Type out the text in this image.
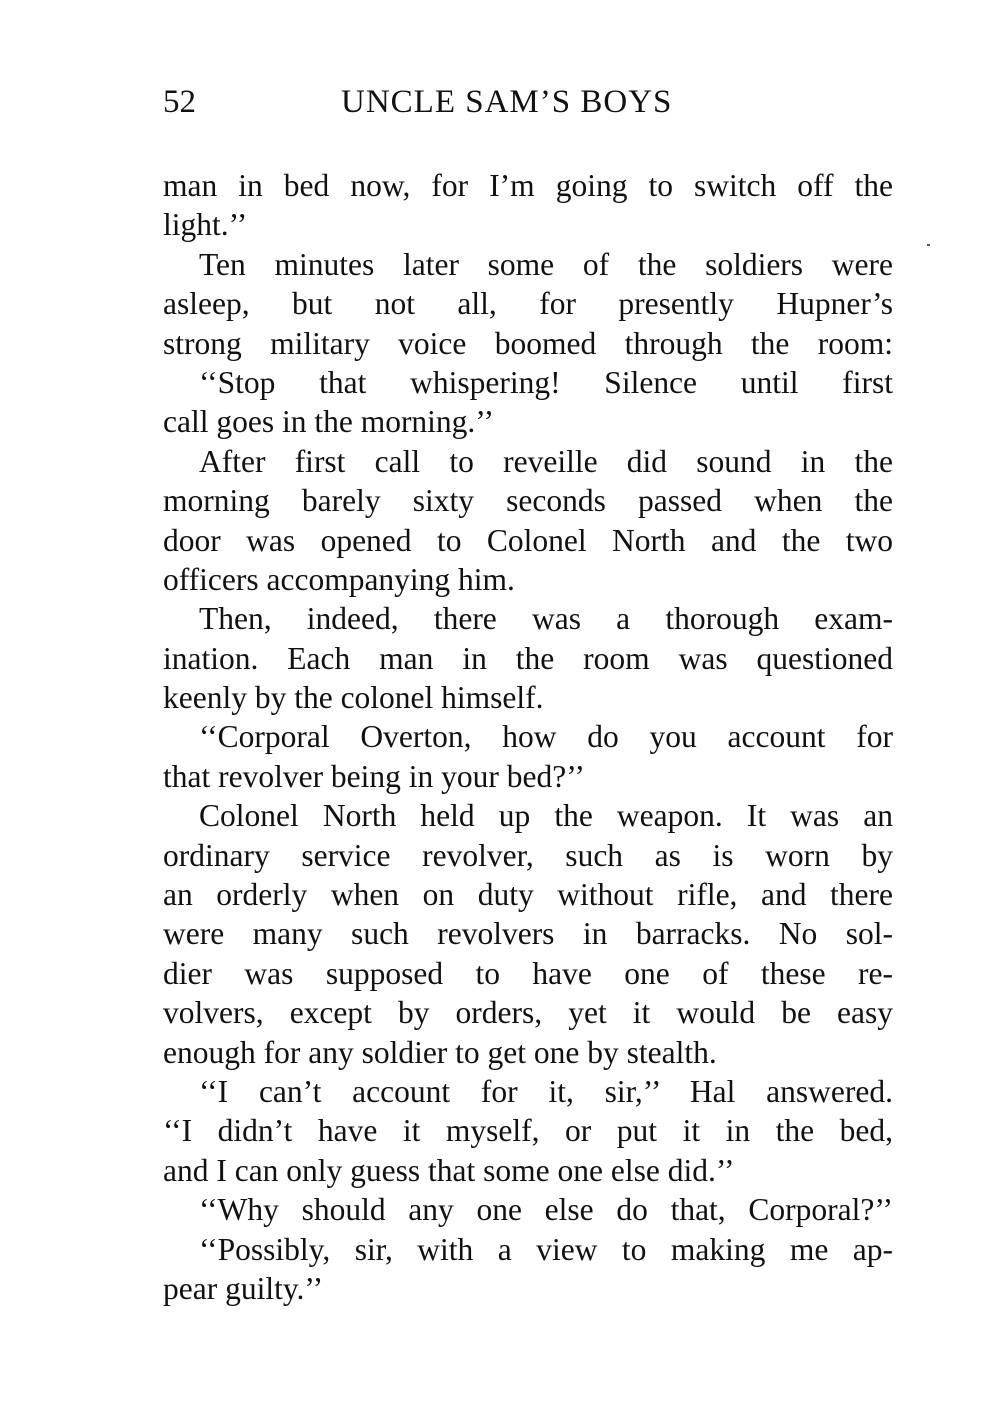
52	UNCLE SAM’S BOYS
man in bed now, for I’m going to switch off the
light.’’
Ten minutes later some of the soldiers were
asleep, but not all, for presently Hupner’s
strong military voice boomed through the room:
‘‘Stop that whispering! Silence until first
call goes in the morning.’’
After first call to reveille did sound in the
morning barely sixty seconds passed when the
door was opened to Colonel North and the two
officers accompanying him.
Then, indeed, there was a thorough exam-
ination. Each man in the room was questioned
keenly by the colonel himself.
‘‘Corporal Overton, how do you account for
that revolver being in your bed?’’
Colonel North held up the weapon. It was an
ordinary service revolver, such as is worn by
an orderly when on duty without rifle, and there
were many such revolvers in barracks. No sol-
dier was supposed to have one of these re-
volvers, except by orders, yet it would be easy
enough for any soldier to get one by stealth.
‘‘I can’t account for it, sir,’’ Hal answered.
‘‘I didn’t have it myself, or put it in the bed,
and I can only guess that some one else did.’’
‘‘Why should any one else do that, Corporal?’’
‘‘Possibly, sir, with a view to making me ap-
pear guilty.’’
